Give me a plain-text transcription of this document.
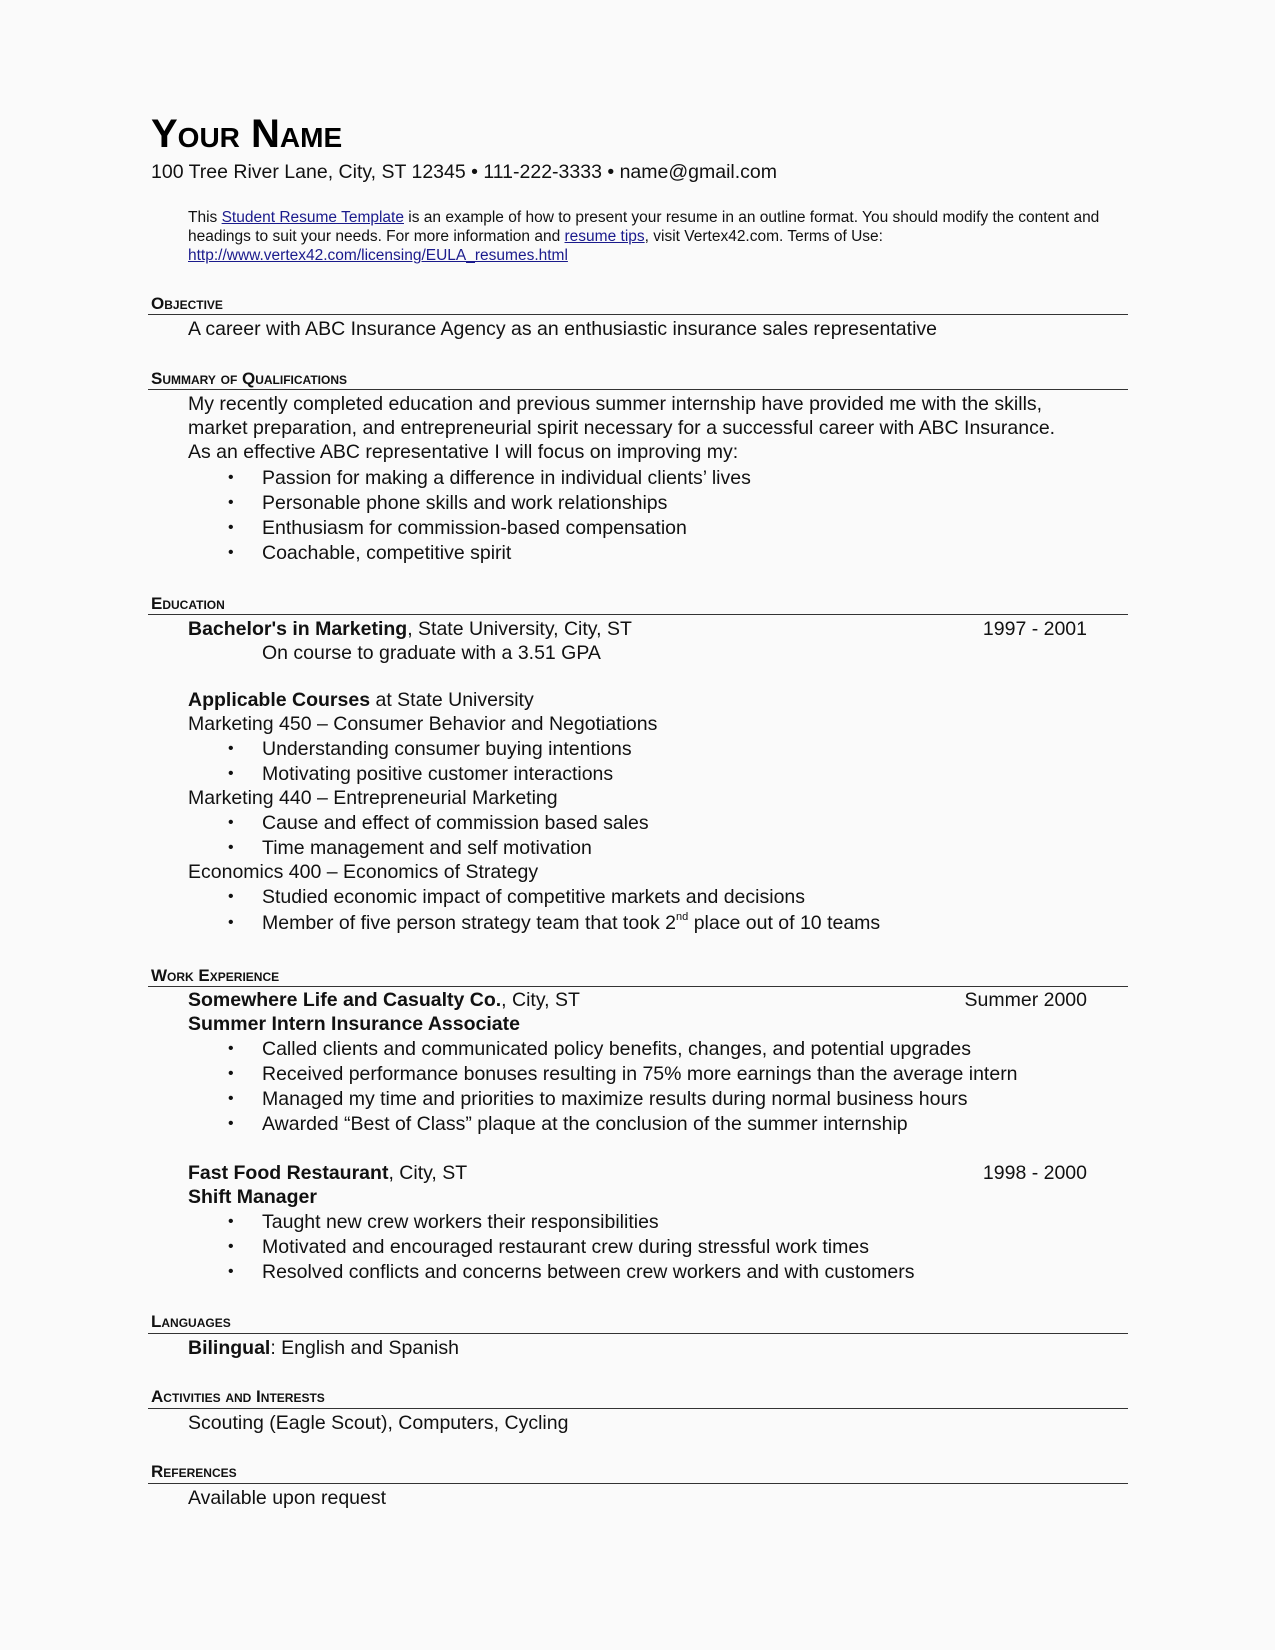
Your Name
100 Tree River Lane, City, ST 12345 • 111-222-3333 • name@gmail.com
This Student Resume Template is an example of how to present your resume in an outline format. You should modify the content and headings to suit your needs. For more information and resume tips, visit Vertex42.com. Terms of Use:
http://www.vertex42.com/licensing/EULA_resumes.html
Objective
A career with ABC Insurance Agency as an enthusiastic insurance sales representative
Summary of Qualifications
My recently completed education and previous summer internship have provided me with the skills,
market preparation, and entrepreneurial spirit necessary for a successful career with ABC Insurance.
As an effective ABC representative I will focus on improving my:
• Passion for making a difference in individual clients’ lives
• Personable phone skills and work relationships
• Enthusiasm for commission-based compensation
• Coachable, competitive spirit
Education
Bachelor's in Marketing, State University, City, ST	1997 - 2001
On course to graduate with a 3.51 GPA
Applicable Courses at State University
Marketing 450 – Consumer Behavior and Negotiations
• Understanding consumer buying intentions
• Motivating positive customer interactions
Marketing 440 – Entrepreneurial Marketing
• Cause and effect of commission based sales
• Time management and self motivation
Economics 400 – Economics of Strategy
• Studied economic impact of competitive markets and decisions
• Member of five person strategy team that took 2nd place out of 10 teams
Work Experience
Somewhere Life and Casualty Co., City, ST	Summer 2000
Summer Intern Insurance Associate
• Called clients and communicated policy benefits, changes, and potential upgrades
• Received performance bonuses resulting in 75% more earnings than the average intern
• Managed my time and priorities to maximize results during normal business hours
• Awarded “Best of Class” plaque at the conclusion of the summer internship
Fast Food Restaurant, City, ST	1998 - 2000
Shift Manager
• Taught new crew workers their responsibilities
• Motivated and encouraged restaurant crew during stressful work times
• Resolved conflicts and concerns between crew workers and with customers
Languages
Bilingual: English and Spanish
Activities and Interests
Scouting (Eagle Scout), Computers, Cycling
References
Available upon request
